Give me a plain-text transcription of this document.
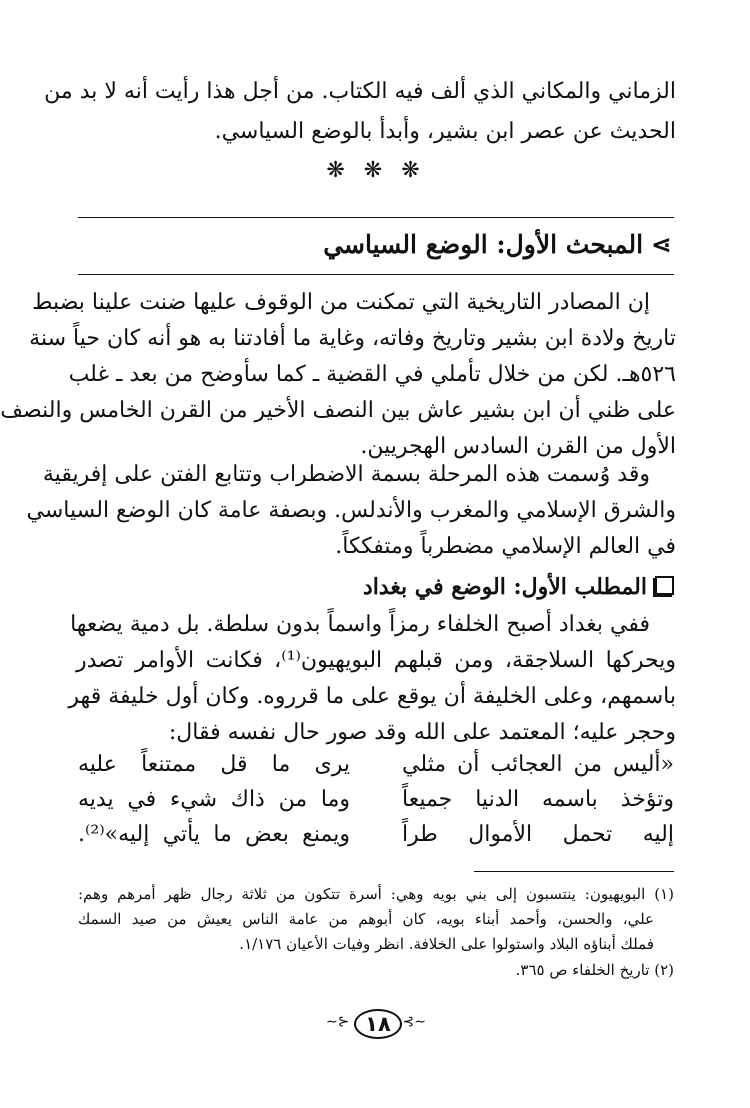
الزماني والمكاني الذي ألف فيه الكتاب. من أجل هذا رأيت أنه لا بد من
الحديث عن عصر ابن بشير، وأبدأ بالوضع السياسي.
❋ ❋ ❋
⋗المبحث الأول: الوضع السياسي
إن المصادر التاريخية التي تمكنت من الوقوف عليها ضنت علينا بضبط
تاريخ ولادة ابن بشير وتاريخ وفاته، وغاية ما أفادتنا به هو أنه كان حياً سنة
٥٢٦هـ. لكن من خلال تأملي في القضية ـ كما سأوضح من بعد ـ غلب
على ظني أن ابن بشير عاش بين النصف الأخير من القرن الخامس والنصف
الأول من القرن السادس الهجريين.
وقد وُسمت هذه المرحلة بسمة الاضطراب وتتابع الفتن على إفريقية
والشرق الإسلامي والمغرب والأندلس. وبصفة عامة كان الوضع السياسي
في العالم الإسلامي مضطرباً ومتفككاً.
المطلب الأول: الوضع في بغداد
ففي بغداد أصبح الخلفاء رمزاً واسماً بدون سلطة. بل دمية يضعها
ويحركها السلاجقة، ومن قبلهم البويهيون⁽¹⁾، فكانت الأوامر تصدر
باسمهم، وعلى الخليفة أن يوقع على ما قرروه. وكان أول خليفة قهر
وحجر عليه؛ المعتمد على الله وقد صور حال نفسه فقال:
«أليس من العجائب أن مثلي
يرى ما قل ممتنعاً عليه
وتؤخذ باسمه الدنيا جميعاً
وما من ذاك شيء في يديه
إليه تحمل الأموال طراً
ويمنع بعض ما يأتي إليه»⁽²⁾.
(١) البويهيون: ينتسبون إلى بني بويه وهي: أسرة تتكون من ثلاثة رجال ظهر أمرهم وهم:
علي، والحسن، وأحمد أبناء بويه، كان أبوهم من عامة الناس يعيش من صيد السمك
فملك أبناؤه البلاد واستولوا على الخلافة. انظر وفيات الأعيان ١/١٧٦.
(٢) تاريخ الخلفاء ص ٣٦٥.
⊰∽ ١٨ ∽⊱
